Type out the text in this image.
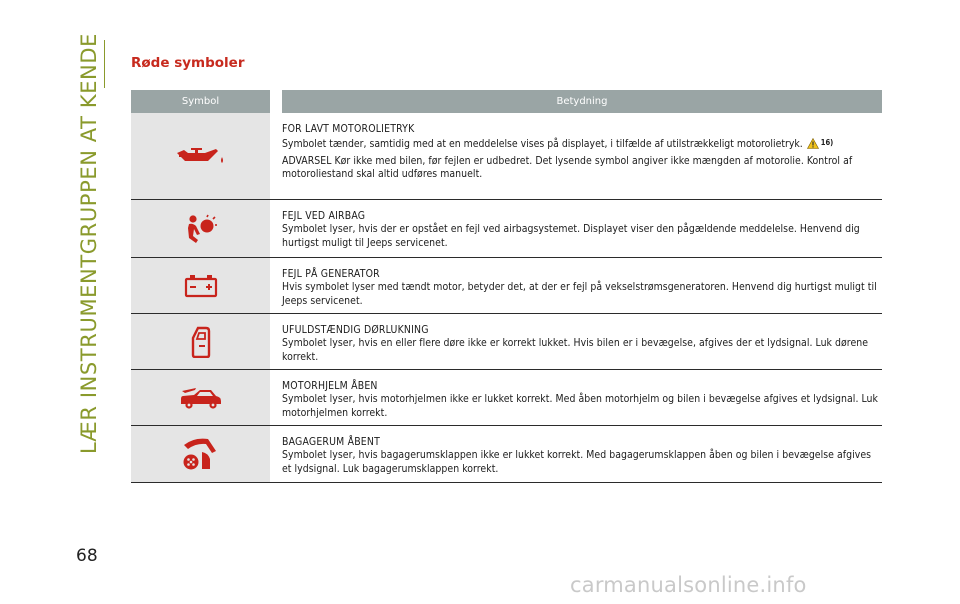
LÆR INSTRUMENTGRUPPEN AT KENDE Røde symboler
Symbol	Betydning
FOR LAVT MOTOROLIETRYK

Symbolet tænder, samtidig med at en meddelelse vises på displayet, i tilfælde af utilstrækkeligt motorolietryk. 16)

ADVARSEL Kør ikke med bilen, før fejlen er udbedret. Det lysende symbol angiver ikke mængden af motorolie. Kontrol af motoroliestand skal altid udføres manuelt.
FEJL VED AIRBAG
Symbolet lyser, hvis der er opstået en fejl ved airbagsystemet. Displayet viser den pågældende meddelelse. Henvend dig hurtigst muligt til Jeeps servicenet.
FEJL PÅ GENERATOR
Hvis symbolet lyser med tændt motor, betyder det, at der er fejl på vekselstrømsgeneratoren. Henvend dig hurtigst muligt til Jeeps servicenet.
UFULDSTÆNDIG DØRLUKNING
Symbolet lyser, hvis en eller flere døre ikke er korrekt lukket. Hvis bilen er i bevægelse, afgives der et lydsignal. Luk dørene korrekt.
MOTORHJELM ÅBEN
Symbolet lyser, hvis motorhjelmen ikke er lukket korrekt. Med åben motorhjelm og bilen i bevægelse afgives et lydsignal. Luk motorhjelmen korrekt.
BAGAGERUM ÅBENT
Symbolet lyser, hvis bagagerumsklappen ikke er lukket korrekt. Med bagagerumsklappen åben og bilen i bevægelse afgives et lydsignal. Luk bagagerumsklappen korrekt.
68
carmanualsonline.info
